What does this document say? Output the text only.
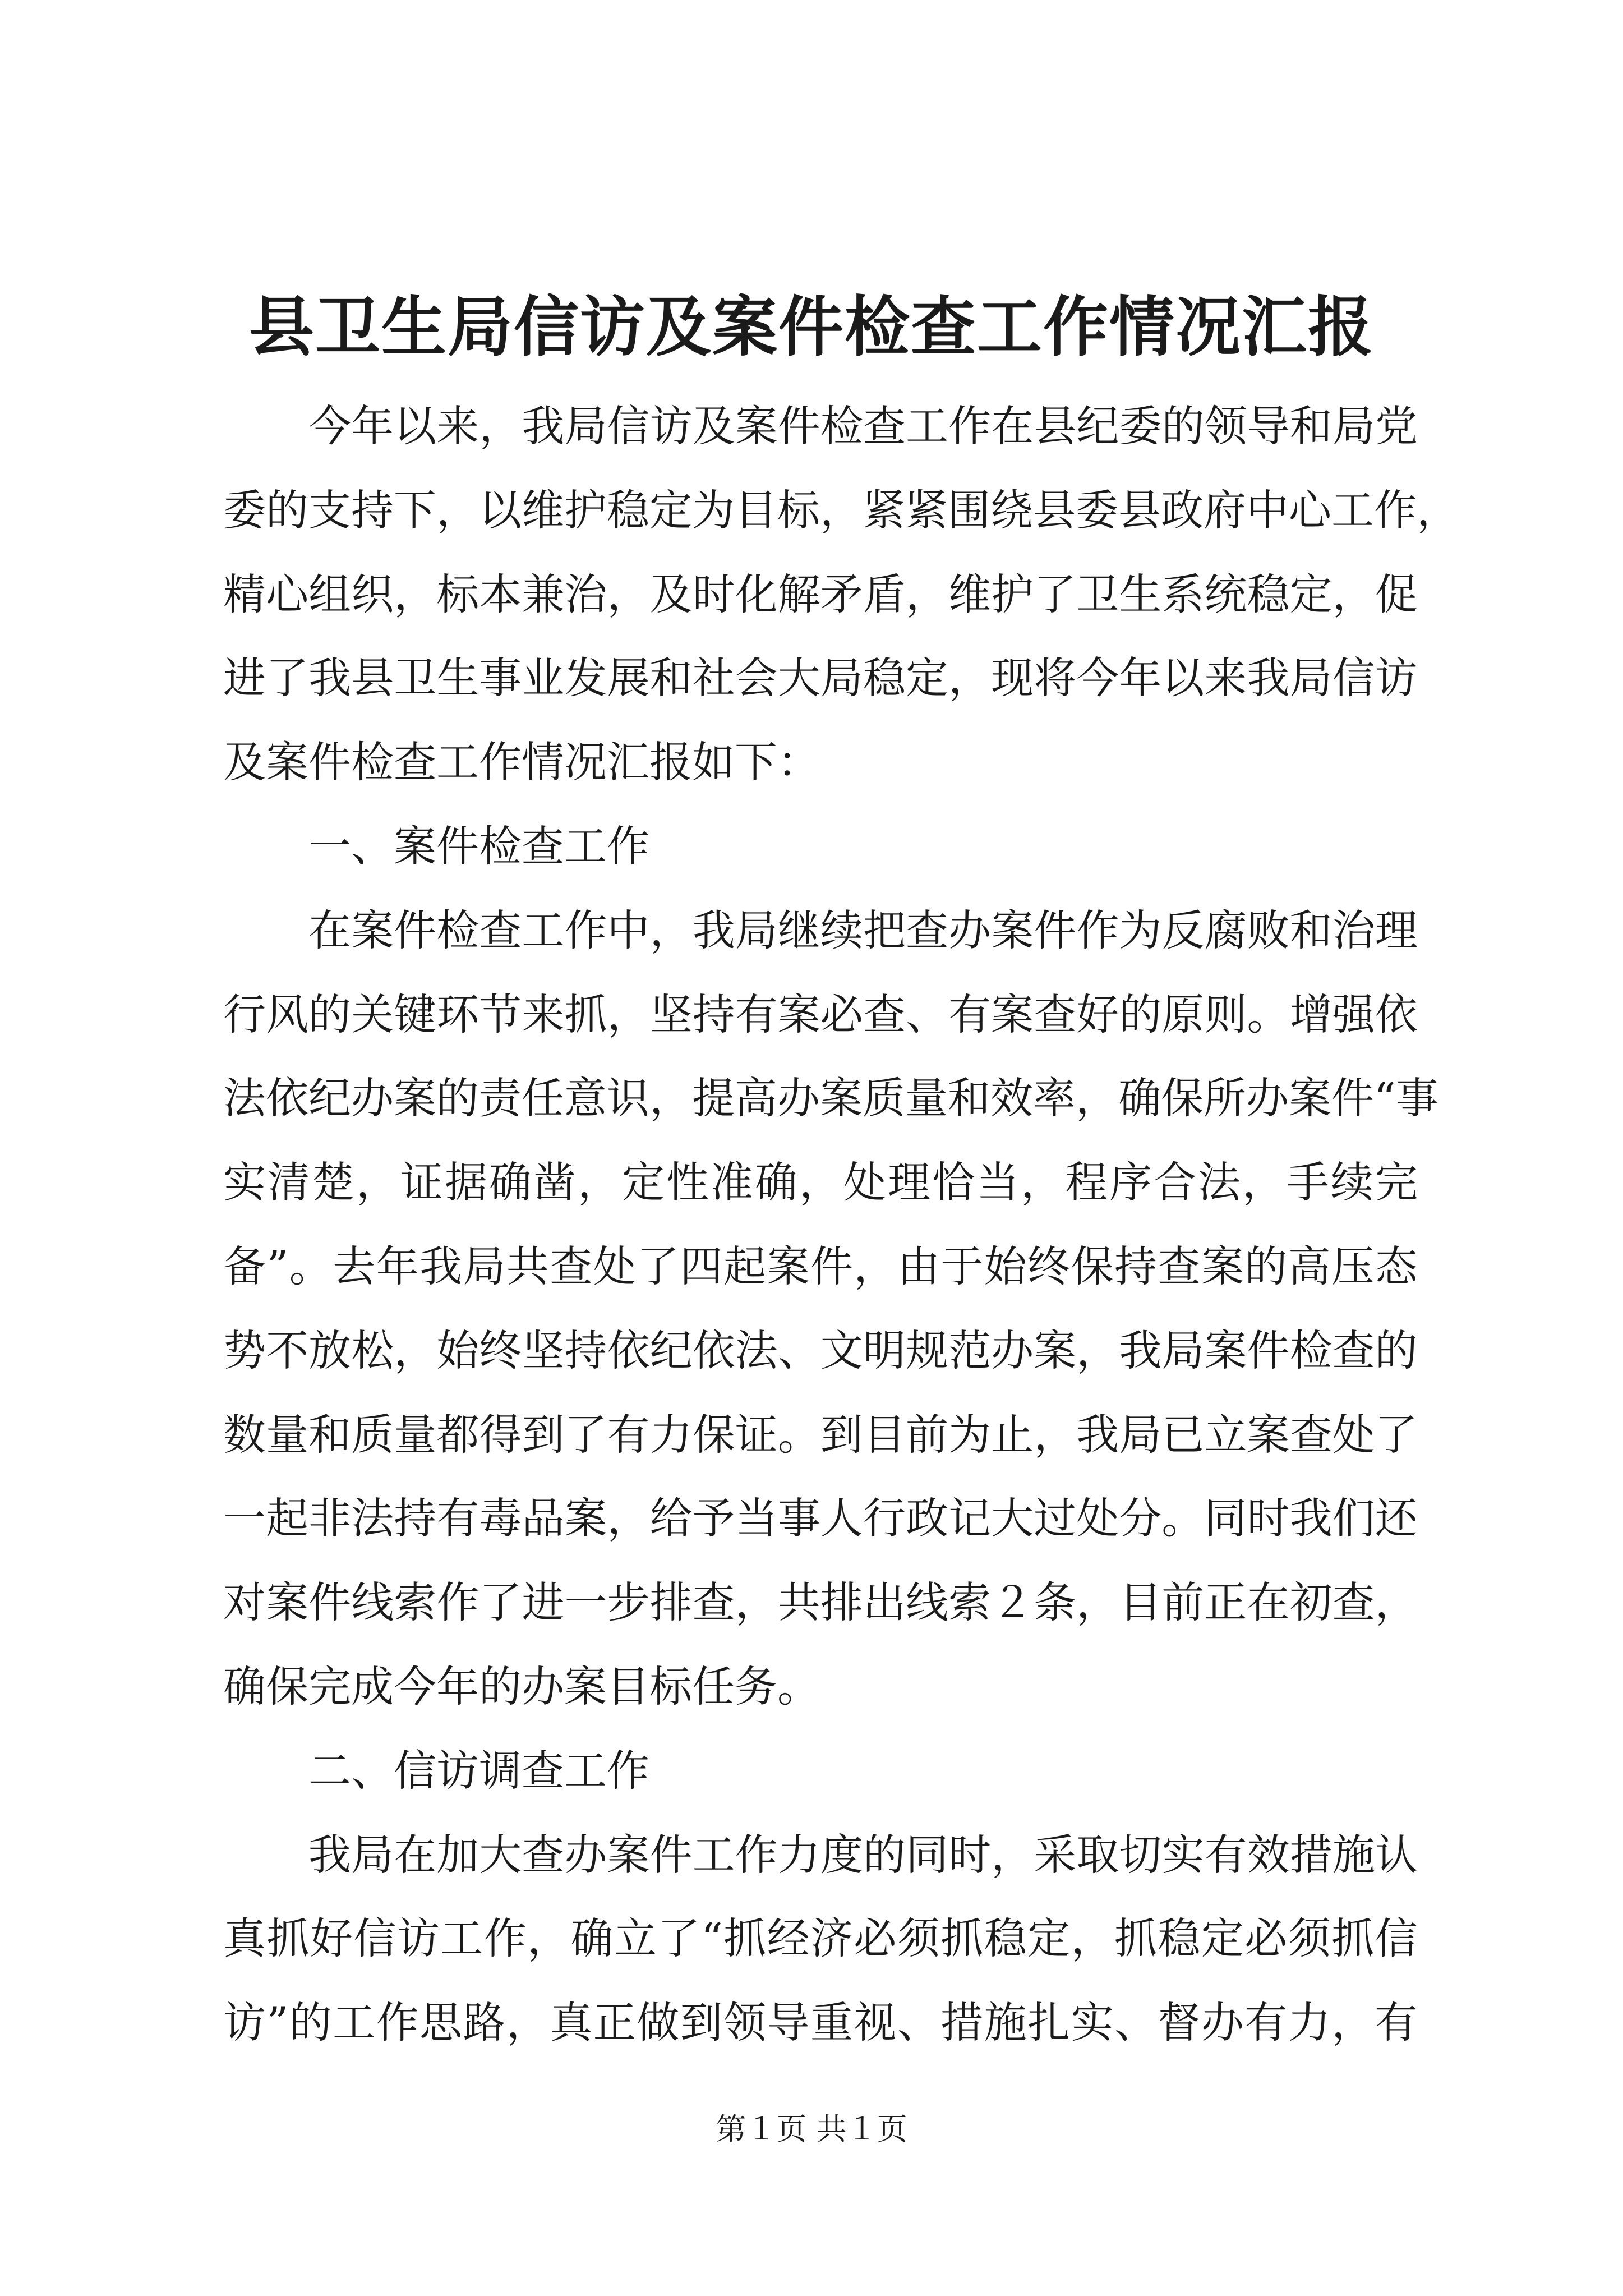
县卫生局信访及案件检查工作情况汇报
今 年 以 来 ， 我 局 信 访 及 案 件 检 查 工 作 在 县 纪 委 的 领 导 和 局 党
委 的 支 持 下 ， 以 维 护 稳 定 为 目 标 ， 紧 紧 围 绕 县 委 县 政 府 中 心 工 作 ，
精 心 组 织 ， 标 本 兼 治 ， 及 时 化 解 矛 盾 ， 维 护 了 卫 生 系 统 稳 定 ， 促
进 了 我 县 卫 生 事 业 发 展 和 社 会 大 局 稳 定 ， 现 将 今 年 以 来 我 局 信 访
及案件检查工作情况汇报如下：
一、案件检查工作
在 案 件 检 查 工 作 中 ， 我 局 继 续 把 查 办 案 件 作 为 反 腐 败 和 治 理
行 风 的 关 键 环 节 来 抓 ， 坚 持 有 案 必 查 、 有 案 查 好 的 原 则 。 增 强 依
法 依 纪 办 案 的 责 任 意 识 ， 提 高 办 案 质 量 和 效 率 ， 确 保 所 办 案 件 “ 事
实 清 楚 ， 证 据 确 凿 ， 定 性 准 确 ， 处 理 恰 当 ， 程 序 合 法 ， 手 续 完
备 ” 。 去 年 我 局 共 查 处 了 四 起 案 件 ， 由 于 始 终 保 持 查 案 的 高 压 态
势 不 放 松 ， 始 终 坚 持 依 纪 依 法 、 文 明 规 范 办 案 ， 我 局 案 件 检 查 的
数 量 和 质 量 都 得 到 了 有 力 保 证 。 到 目 前 为 止 ， 我 局 已 立 案 查 处 了
一 起 非 法 持 有 毒 品 案 ， 给 予 当 事 人 行 政 记 大 过 处 分 。 同 时 我 们 还
对 案 件 线 索 作 了 进 一 步 排 查 ， 共 排 出 线 索 ２ 条 ， 目 前 正 在 初 查 ，
确保完成今年的办案目标任务。
二、信访调查工作
我 局 在 加 大 查 办 案 件 工 作 力 度 的 同 时 ， 采 取 切 实 有 效 措 施 认
真 抓 好 信 访 工 作 ， 确 立 了 “ 抓 经 济 必 须 抓 稳 定 ， 抓 稳 定 必 须 抓 信
访 ” 的 工 作 思 路 ， 真 正 做 到 领 导 重 视 、 措 施 扎 实 、 督 办 有 力 ， 有
第１页 共１页
